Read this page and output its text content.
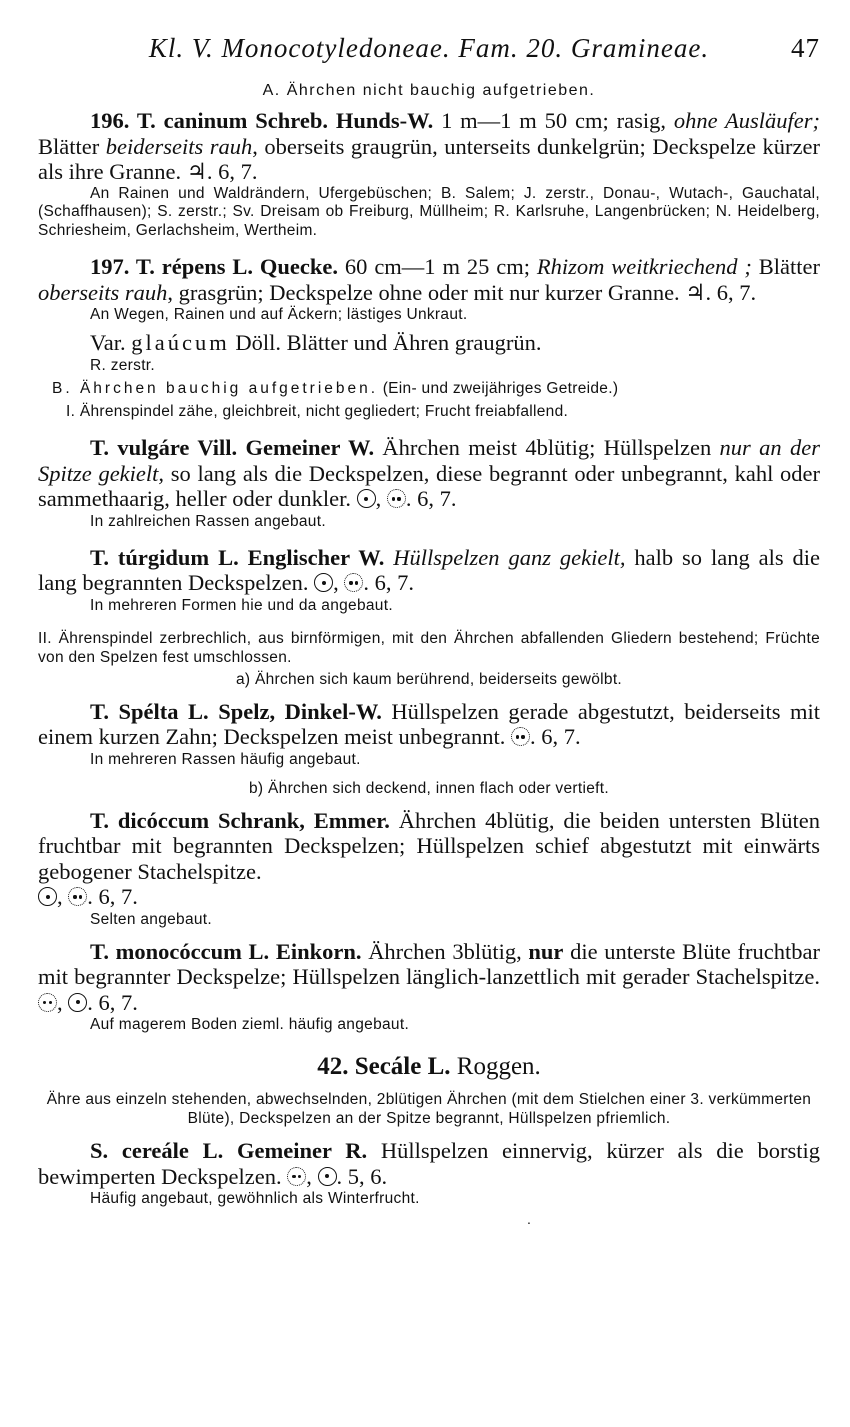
Kl. V. Monocotyledoneae. Fam. 20. Gramineae.	47
A. Ährchen nicht bauchig aufgetrieben.
196. T. caninum Schreb. Hunds-W. 1 m—1 m 50 cm; rasig, ohne Ausläufer; Blätter beiderseits rauh, oberseits graugrün, unterseits dunkelgrün; Deckspelze kürzer als ihre Granne. ♃. 6, 7.
An Rainen und Waldrändern, Ufergebüschen; B. Salem; J. zerstr., Donau-, Wutach-, Gauchatal, (Schaffhausen); S. zerstr.; Sv. Dreisam ob Freiburg, Müllheim; R. Karlsruhe, Langenbrücken; N. Heidelberg, Schriesheim, Gerlachsheim, Wertheim.
197. T. répens L. Quecke. 60 cm—1 m 25 cm; Rhizom weitkriechend ; Blätter oberseits rauh, grasgrün; Deckspelze ohne oder mit nur kurzer Granne. ♃. 6, 7.
An Wegen, Rainen und auf Äckern; lästiges Unkraut.
Var. glaúcum Döll. Blätter und Ähren graugrün.
R. zerstr.
B. Ährchen bauchig aufgetrieben. (Ein- und zweijähriges Getreide.)
I. Ährenspindel zähe, gleichbreit, nicht gegliedert; Frucht freiabfallend.
T. vulgáre Vill. Gemeiner W. Ährchen meist 4blütig; Hüllspelzen nur an der Spitze gekielt, so lang als die Deckspelzen, diese begrannt oder unbegrannt, kahl oder sammethaarig, heller oder dunkler. , . 6, 7.
In zahlreichen Rassen angebaut.
T. túrgidum L. Englischer W. Hüllspelzen ganz gekielt, halb so lang als die lang begrannten Deckspelzen. , . 6, 7.
In mehreren Formen hie und da angebaut.
II. Ährenspindel zerbrechlich, aus birnförmigen, mit den Ährchen abfallenden Gliedern bestehend; Früchte von den Spelzen fest umschlossen.
a) Ährchen sich kaum berührend, beiderseits gewölbt.
T. Spélta L. Spelz, Dinkel-W. Hüllspelzen gerade abgestutzt, beiderseits mit einem kurzen Zahn; Deckspelzen meist unbegrannt. . 6, 7.
In mehreren Rassen häufig angebaut.
b) Ährchen sich deckend, innen flach oder vertieft.
T. dicóccum Schrank, Emmer. Ährchen 4blütig, die beiden untersten Blüten fruchtbar mit begrannten Deckspelzen; Hüllspelzen schief abgestutzt mit einwärts gebogener Stachelspitze.
, . 6, 7.
Selten angebaut.
T. monocóccum L. Einkorn. Ährchen 3blütig, nur die unterste Blüte fruchtbar mit begrannter Deckspelze; Hüllspelzen länglich-lanzettlich mit gerader Stachelspitze. , . 6, 7.
Auf magerem Boden zieml. häufig angebaut.
42. Secále L. Roggen.
Ähre aus einzeln stehenden, abwechselnden, 2blütigen Ährchen (mit dem Stielchen einer 3. verkümmerten Blüte), Deckspelzen an der Spitze begrannt, Hüllspelzen pfriemlich.
S. cereále L. Gemeiner R. Hüllspelzen einnervig, kürzer als die borstig bewimperten Deckspelzen. , . 5, 6.
Häufig angebaut, gewöhnlich als Winterfrucht.
·
